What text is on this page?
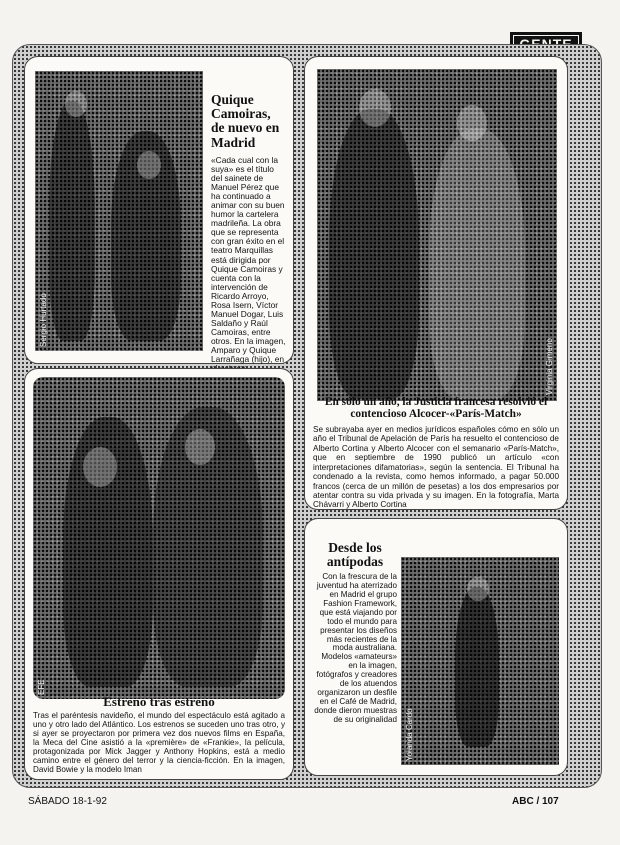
Sergio Hurtado
Quique Camoiras, de nuevo en Madrid

«Cada cual con la suya» es el título del sainete de Manuel Pérez que ha continuado a animar con su buen humor la cartelera madrileña. La obra que se representa con gran éxito en el teatro Marquillas está dirigida por Quique Camoiras y cuenta con la intervención de Ricardo Arroyo, Rosa Isern, Víctor Manuel Dogar, Luis Saldaño y Raúl Camoiras, entre otros. En la imagen, Amparo y Quique Larrañaga (hijo), en	Virginia Gimeno
En sólo un año, la Justicia francesa resolvió el contencioso Alcocer-«París-Match»

Se subrayaba ayer en medios jurídicos españoles cómo en sólo un año el Tribunal de Apelación de París ha resuelto el contencioso de Alberto Cortina y Alberto Alcocer con el semanario «París-Match», que en septiembre de 1990 publicó un artículo «con interpretaciones difamatorias», según la sentencia. El Tribunal ha condenado a la revista, como hemos informado, a pagar 50.000 francos (cerca de un millón de pesetas) a los dos empresarios por atentar contra su vida privada y su imagen. En la fotografía, Marta Chávarri y Alberto Cortina

EFE
Estreno tras estreno

Tras el paréntesis navideño, el mundo del espectáculo está agitado a uno y otro lado del Atlántico. Los estrenos se suceden uno tras otro, y si ayer se proyectaron por primera vez dos nuevos films en España, la Meca del Cine asistió a la «première» de «Frankie», la película, protagonizada por Mick Jagger y Anthony Hopkins, está a medio camino entre el género del terror y la ciencia-ficción. En la imagen, David Bowie y la modelo Iman

Desde los antípodas

Con la frescura de la juventud ha aterrizado en Madrid el grupo Fashion Framework, que está viajando por todo el mundo para presentar los diseños más recientes de la moda australiana. Modelos «amateurs» en la imagen, fotógrafos y creadores de los atuendos organizaron un desfile en el Café de Madrid, donde dieron muestras de su originalidad Yolanda Cardo
SÁBADO 18-1-92	ABC / 107
